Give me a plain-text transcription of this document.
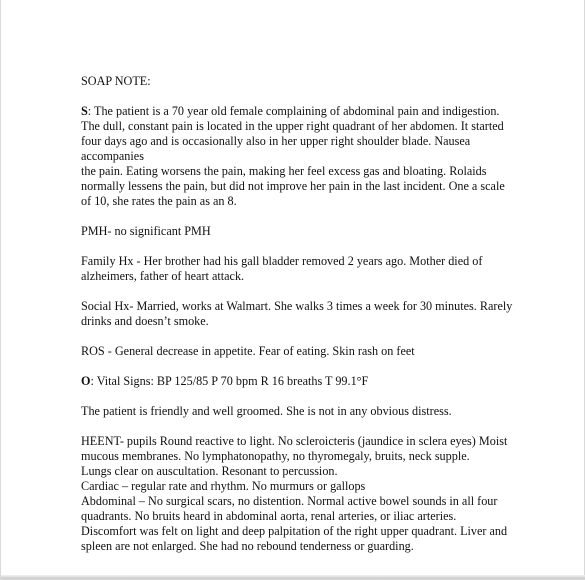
SOAP NOTE:

S: The patient is a 70 year old female complaining of abdominal pain and indigestion.
The dull, constant pain is located in the upper right quadrant of her abdomen. It started
four days ago and is occasionally also in her upper right shoulder blade. Nausea accompanies
the pain. Eating worsens the pain, making her feel excess gas and bloating. Rolaids
normally lessens the pain, but did not improve her pain in the last incident. One a scale
of 10, she rates the pain as an 8.

PMH- no significant PMH

Family Hx - Her brother had his gall bladder removed 2 years ago. Mother died of
alzheimers, father of heart attack.

Social Hx- Married, works at Walmart. She walks 3 times a week for 30 minutes. Rarely
drinks and doesn’t smoke.

ROS - General decrease in appetite. Fear of eating. Skin rash on feet

O: Vital Signs: BP 125/85 P 70 bpm R 16 breaths T 99.1°F

The patient is friendly and well groomed. She is not in any obvious distress.

HEENT- pupils Round reactive to light. No scleroicteris (jaundice in sclera eyes) Moist
mucous membranes. No lymphatonopathy, no thyromegaly, bruits, neck supple.

Lungs clear on auscultation. Resonant to percussion.

Cardiac – regular rate and rhythm. No murmurs or gallops

Abdominal – No surgical scars, no distention. Normal active bowel sounds in all four
quadrants. No bruits heard in abdominal aorta, renal arteries, or iliac arteries.
Discomfort was felt on light and deep palpitation of the right upper quadrant. Liver and
spleen are not enlarged. She had no rebound tenderness or guarding.
